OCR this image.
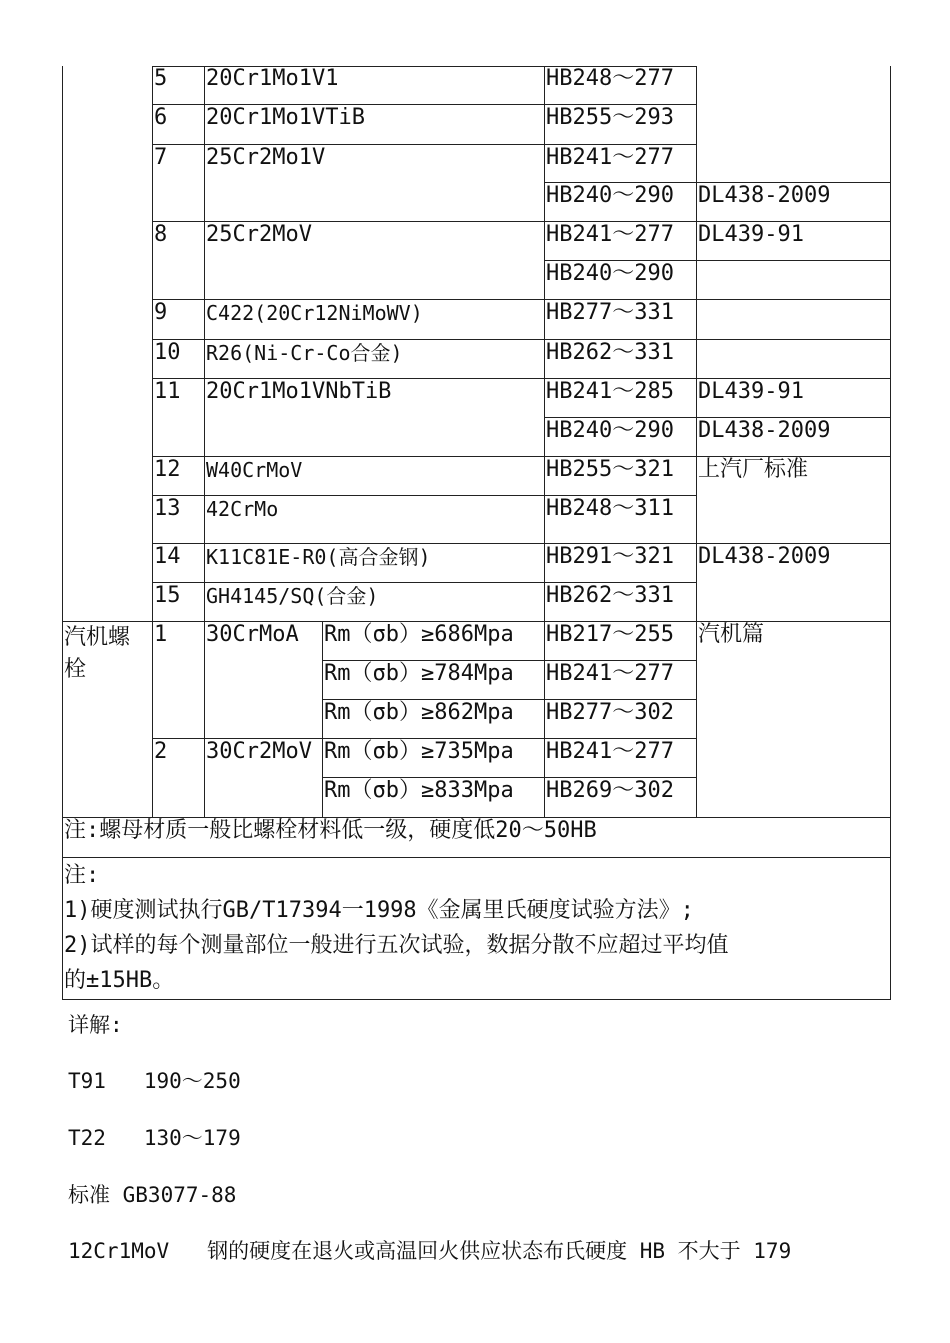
5 20Cr1Mo1V1	HB248～277
6 20Cr1Mo1VTiB	HB255～293
7 25Cr2Mo1V	HB241～277
HB240～290 DL438-2009
8 25Cr2MoV	HB241～277 DL439-91
HB240～290
9 C422(20Cr12NiMoWV)	HB277～331
10 R26(Ni-Cr-Co合金)	HB262～331
11 20Cr1Mo1VNbTiB	HB241～285 DL439-91
HB240～290 DL438-2009
12 W40CrMoV	HB255～321 上汽厂标准
13 42CrMo	HB248～311
14 K11C81E-R0(高合金钢)	HB291～321 DL438-2009
15 GH4145/SQ(合金)	HB262～331
汽机螺栓
汽机篇
1 30CrMoA Rm（σb）≥686Mpa HB217～255
Rm（σb）≥784Mpa HB241～277
Rm（σb）≥862Mpa HB277～302
2 30Cr2MoV Rm（σb）≥735Mpa HB241～277
Rm（σb）≥833Mpa HB269～302
注:螺母材质一般比螺栓材料低一级，硬度低20～50HB
注:
1)硬度测试执行GB/T17394一1998《金属里氏硬度试验方法》;
2)试样的每个测量部位一般进行五次试验，数据分散不应超过平均值
的±15HB。
详解:
T91   190～250
T22   130～179
标准 GB3077-88
12Cr1MoV   钢的硬度在退火或高温回火供应状态布氏硬度 HB 不大于 179
